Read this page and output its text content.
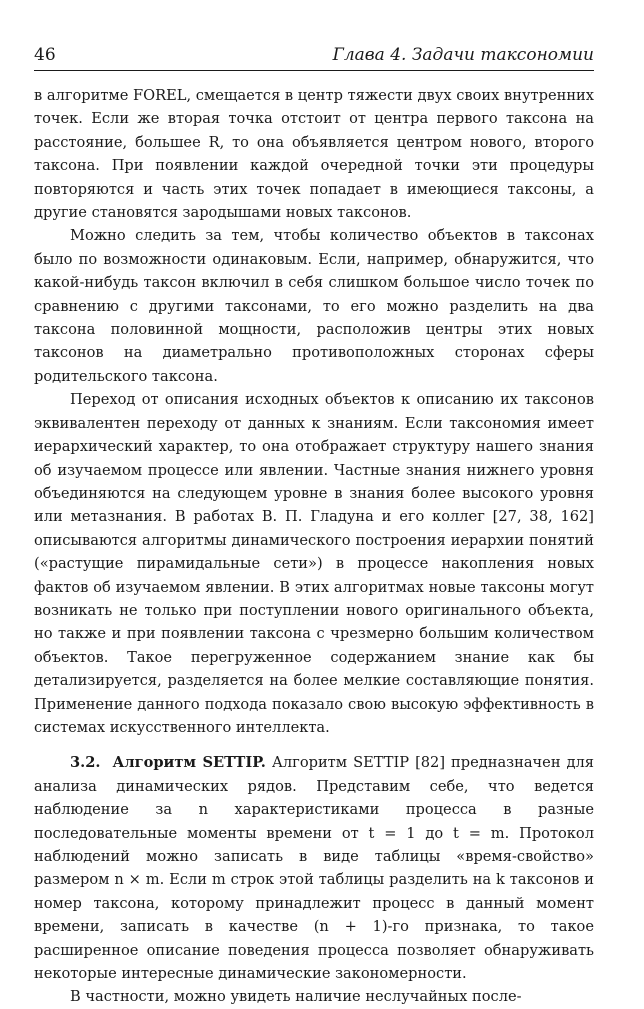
46	Глава 4. Задачи таксономии

в алгоритме FOREL, смещается в центр тяжести двух своих внутренних точек. Если же вторая точка отстоит от центра первого таксона на расстояние, большее R, то она объявляется центром нового, второго таксона. При появлении каждой очередной точки эти процедуры повторяются и часть этих точек попадает в имеющиеся таксоны, а другие становятся зародышами новых таксонов.

Можно следить за тем, чтобы количество объектов в таксонах было по возможности одинаковым. Если, например, обнаружится, что какой-нибудь таксон включил в себя слишком большое число точек по сравнению с другими таксонами, то его можно разделить на два таксона половинной мощности, расположив центры этих новых таксонов на диаметрально противоположных сторонах сферы родительского таксона.

Переход от описания исходных объектов к описанию их таксонов эквивалентен переходу от данных к знаниям. Если таксономия имеет иерархический характер, то она отображает структуру нашего знания об изучаемом процессе или явлении. Частные знания нижнего уровня объединяются на следующем уровне в знания более высокого уровня или метазнания. В работах В. П. Гладуна и его коллег [27, 38, 162] описываются алгоритмы динамического построения иерархии понятий («растущие пирамидальные сети») в процессе накопления новых фактов об изучаемом явлении. В этих алгоритмах новые таксоны могут возникать не только при поступлении нового оригинального объекта, но также и при появлении таксона с чрезмерно большим количеством объектов. Такое перегруженное содержанием знание как бы детализируется, разделяется на более мелкие составляющие понятия. Применение данного подхода показало свою высокую эффективность в системах искусственного интеллекта.

3.2. Алгоритм SETTIP. Алгоритм SETTIP [82] предназначен для анализа динамических рядов. Представим себе, что ведется наблюдение за n характеристиками процесса в разные последовательные моменты времени от t = 1 до t = m. Протокол наблюдений можно записать в виде таблицы «время-свойство» размером n × m. Если m строк этой таблицы разделить на k таксонов и номер таксона, которому принадлежит процесс в данный момент времени, записать в качестве (n + 1)-го признака, то такое расширенное описание поведения процесса позволяет обнаруживать некоторые интересные динамические закономерности.

В частности, можно увидеть наличие неслучайных после-
